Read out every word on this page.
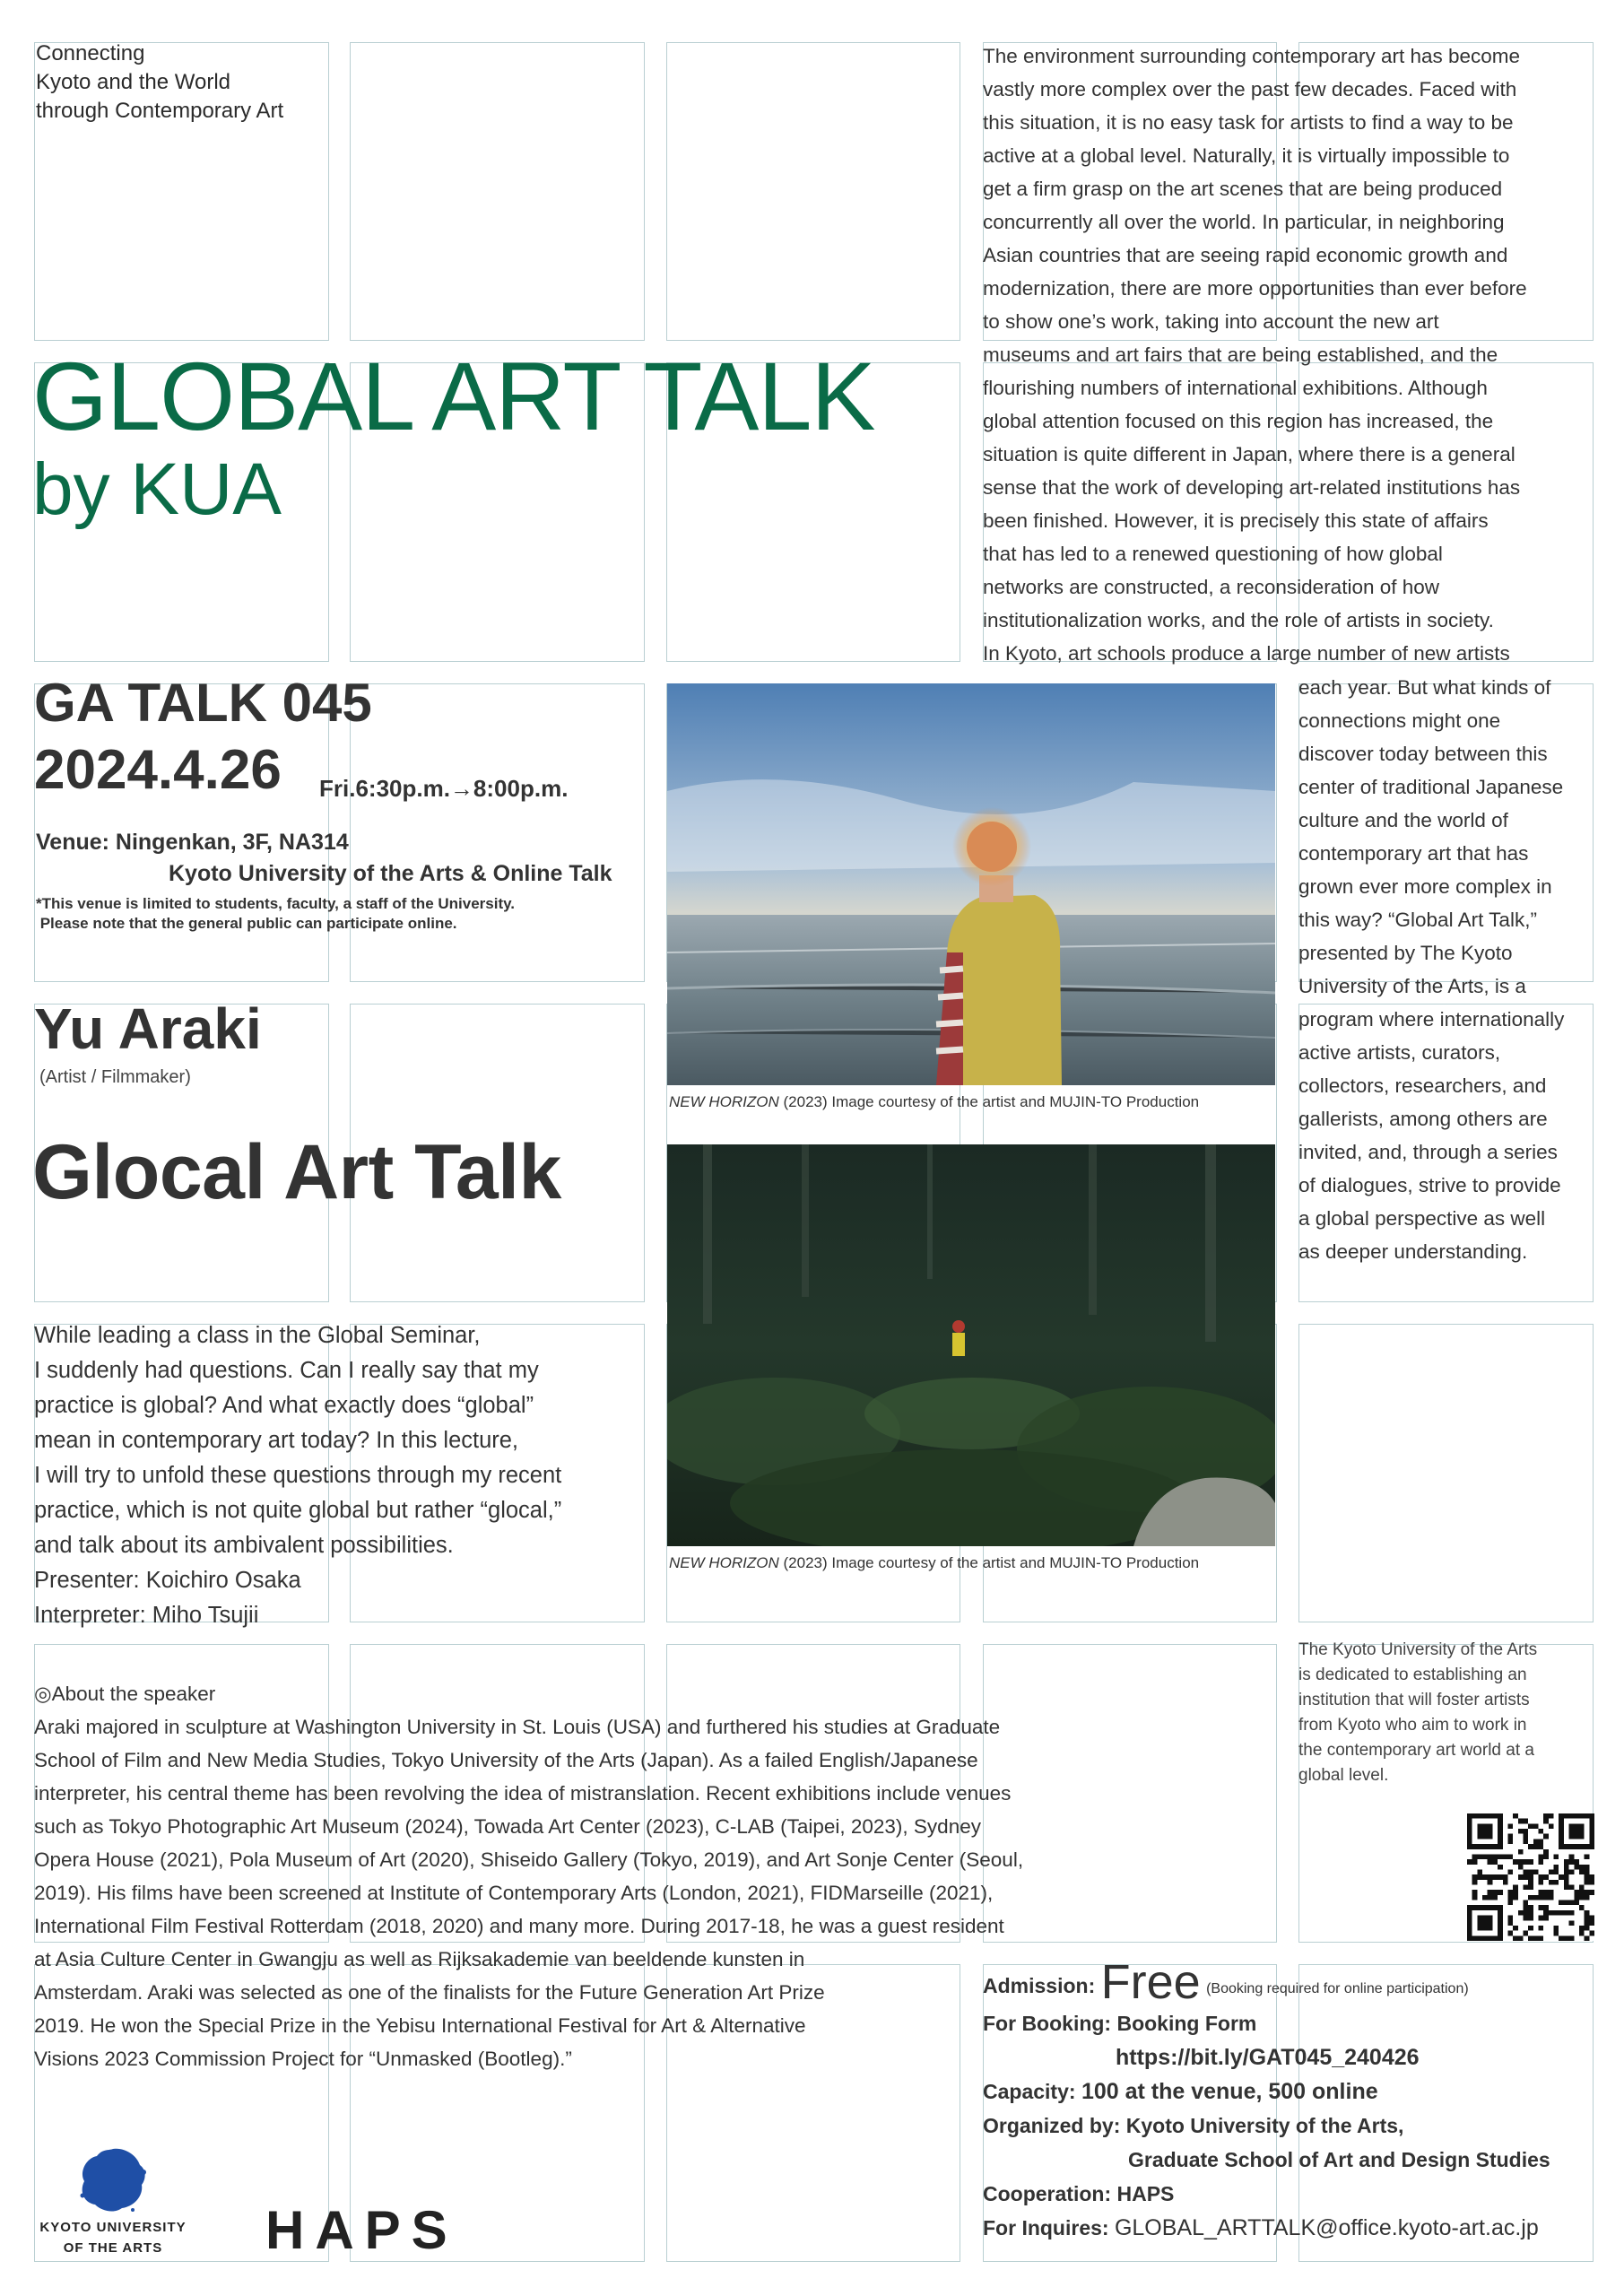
Connecting
Kyoto and the World
through Contemporary Art
GLOBAL ART TALK
by KUA
GA TALK 045
2024.4.26 Fri.6:30p.m.→8:00p.m.
Venue: Ningenkan, 3F, NA314
Kyoto University of the Arts & Online Talk
*This venue is limited to students, faculty, a staff of the University.
Please note that the general public can participate online.
Yu Araki
(Artist / Filmmaker)
Glocal Art Talk
While leading a class in the Global Seminar,
I suddenly had questions. Can I really say that my
practice is global? And what exactly does “global”
mean in contemporary art today? In this lecture,
I will try to unfold these questions through my recent
practice, which is not quite global but rather “glocal,”
and talk about its ambivalent possibilities.
Presenter: Koichiro Osaka
Interpreter: Miho Tsujii
NEW HORIZON (2023) Image courtesy of the artist and MUJIN-TO Production
NEW HORIZON (2023) Image courtesy of the artist and MUJIN-TO Production
The environment surrounding contemporary art has become
vastly more complex over the past few decades. Faced with
this situation, it is no easy task for artists to find a way to be
active at a global level. Naturally, it is virtually impossible to
get a firm grasp on the art scenes that are being produced
concurrently all over the world. In particular, in neighboring
Asian countries that are seeing rapid economic growth and
modernization, there are more opportunities than ever before
to show one’s work, taking into account the new art
museums and art fairs that are being established, and the
flourishing numbers of international exhibitions. Although
global attention focused on this region has increased, the
situation is quite different in Japan, where there is a general
sense that the work of developing art-related institutions has
been finished. However, it is precisely this state of affairs
that has led to a renewed questioning of how global
networks are constructed, a reconsideration of how
institutionalization works, and the role of artists in society.
In Kyoto, art schools produce a large number of new artists
each year. But what kinds of
connections might one
discover today between this
center of traditional Japanese
culture and the world of
contemporary art that has
grown ever more complex in
this way? “Global Art Talk,”
presented by The Kyoto
University of the Arts, is a
program where internationally
active artists, curators,
collectors, researchers, and
gallerists, among others are
invited, and, through a series
of dialogues, strive to provide
a global perspective as well
as deeper understanding.
◎About the speaker
Araki majored in sculpture at Washington University in St. Louis (USA) and furthered his studies at Graduate
School of Film and New Media Studies, Tokyo University of the Arts (Japan). As a failed English/Japanese
interpreter, his central theme has been revolving the idea of mistranslation. Recent exhibitions include venues
such as Tokyo Photographic Art Museum (2024), Towada Art Center (2023), C-LAB (Taipei, 2023), Sydney
Opera House (2021), Pola Museum of Art (2020), Shiseido Gallery (Tokyo, 2019), and Art Sonje Center (Seoul,
2019). His films have been screened at Institute of Contemporary Arts (London, 2021), FIDMarseille (2021),
International Film Festival Rotterdam (2018, 2020) and many more. During 2017-18, he was a guest resident
at Asia Culture Center in Gwangju as well as Rijksakademie van beeldende kunsten in
Amsterdam. Araki was selected as one of the finalists for the Future Generation Art Prize
2019. He won the Special Prize in the Yebisu International Festival for Art & Alternative
Visions 2023 Commission Project for “Unmasked (Bootleg).”
The Kyoto University of the Arts
is dedicated to establishing an
institution that will foster artists
from Kyoto who aim to work in
the contemporary art world at a
global level.
Admission: Free (Booking required for online participation)
For Booking: Booking Form
https://bit.ly/GAT045_240426
Capacity: 100 at the venue, 500 online
Organized by: Kyoto University of the Arts,
Graduate School of Art and Design Studies
Cooperation: HAPS
For Inquires: GLOBAL_ARTTALK@office.kyoto-art.ac.jp
KYOTO UNIVERSITY
OF THE ARTS	HAPS
